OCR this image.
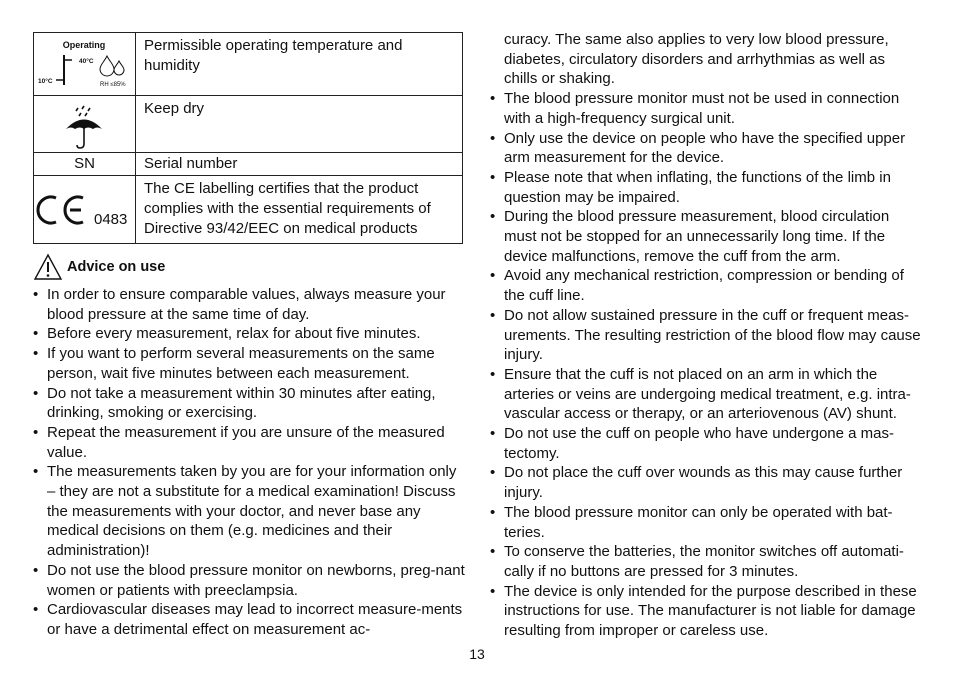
Operating
40°C
10°C RH ≤85%	Permissible operating temperature and humidity

	Keep dry
SN	Serial number

0483	The CE labelling certifies that the product complies with the essential requirements of Directive 93/42/EEC on medical products
Advice on use
• In order to ensure comparable values, always measure your blood pressure at the same time of day.
• Before every measurement, relax for about five minutes.
• If you want to perform several measurements on the same person, wait five minutes between each measurement.
• Do not take a measurement within 30 minutes after eating, drinking, smoking or exercising.
• Repeat the measurement if you are unsure of the measured value.
• The measurements taken by you are for your information only – they are not a substitute for a medical examination! Discuss the measurements with your doctor, and never base any medical decisions on them (e.g. medicines and their administration)!
• Do not use the blood pressure monitor on newborns, preg-nant women or patients with preeclampsia.
• Cardiovascular diseases may lead to incorrect measure-ments or have a detrimental effect on measurement ac-
curacy. The same also applies to very low blood pressure, diabetes, circulatory disorders and arrhythmias as well as chills or shaking.
• The blood pressure monitor must not be used in connection with a high-frequency surgical unit.
• Only use the device on people who have the specified upper arm measurement for the device.
• Please note that when inflating, the functions of the limb in question may be impaired.
• During the blood pressure measurement, blood circulation must not be stopped for an unnecessarily long time. If the device malfunctions, remove the cuff from the arm.
• Avoid any mechanical restriction, compression or bending of the cuff line.
• Do not allow sustained pressure in the cuff or frequent meas-urements. The resulting restriction of the blood flow may cause injury.
• Ensure that the cuff is not placed on an arm in which the arteries or veins are undergoing medical treatment, e.g. intra-vascular access or therapy, or an arteriovenous (AV) shunt.
• Do not use the cuff on people who have undergone a mas-tectomy.
• Do not place the cuff over wounds as this may cause further injury.
• The blood pressure monitor can only be operated with bat-teries.
• To conserve the batteries, the monitor switches off automati-cally if no buttons are pressed for 3 minutes.
• The device is only intended for the purpose described in these instructions for use. The manufacturer is not liable for damage resulting from improper or careless use.
13
